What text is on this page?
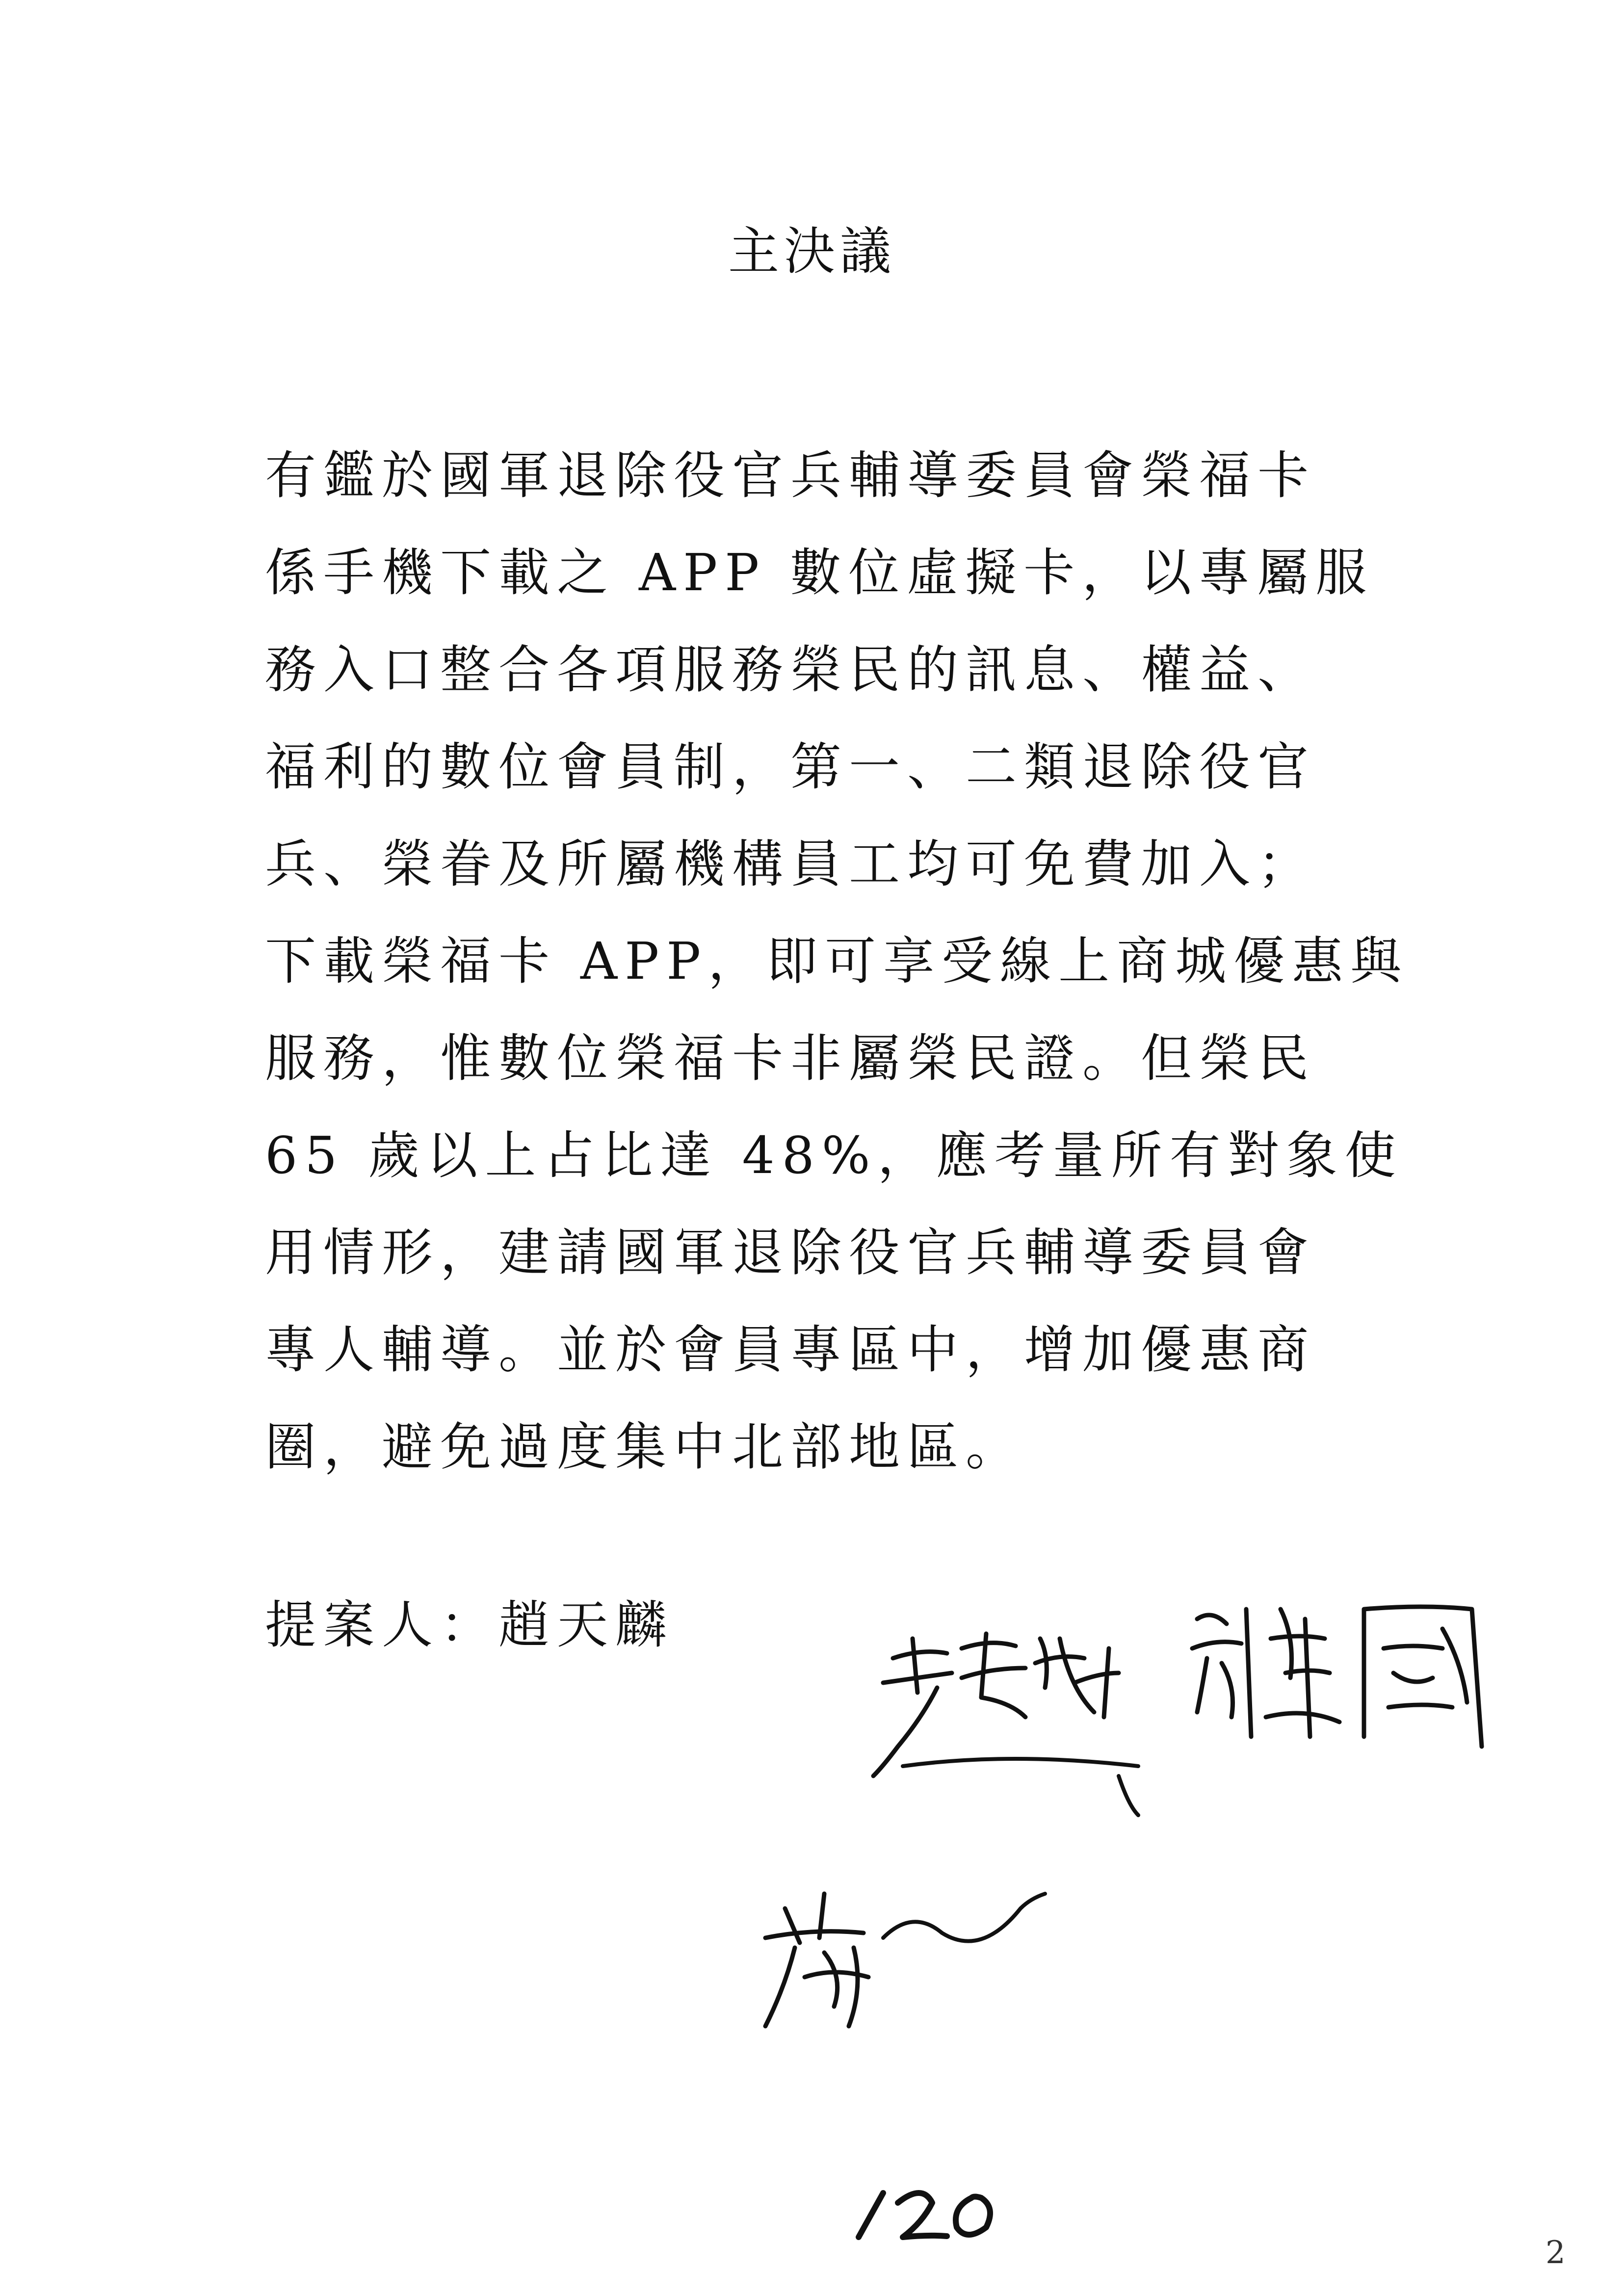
主決議
有鑑於國軍退除役官兵輔導委員會榮福卡
係手機下載之 APP 數位虛擬卡，以專屬服
務入口整合各項服務榮民的訊息、權益、
福利的數位會員制，第一、二類退除役官
兵、榮眷及所屬機構員工均可免費加入；
下載榮福卡 APP，即可享受線上商城優惠與
服務，惟數位榮福卡非屬榮民證。但榮民
65 歲以上占比達 48%，應考量所有對象使
用情形，建請國軍退除役官兵輔導委員會
專人輔導。並於會員專區中，增加優惠商
圈，避免過度集中北部地區。
提案人：趙天麟
2
